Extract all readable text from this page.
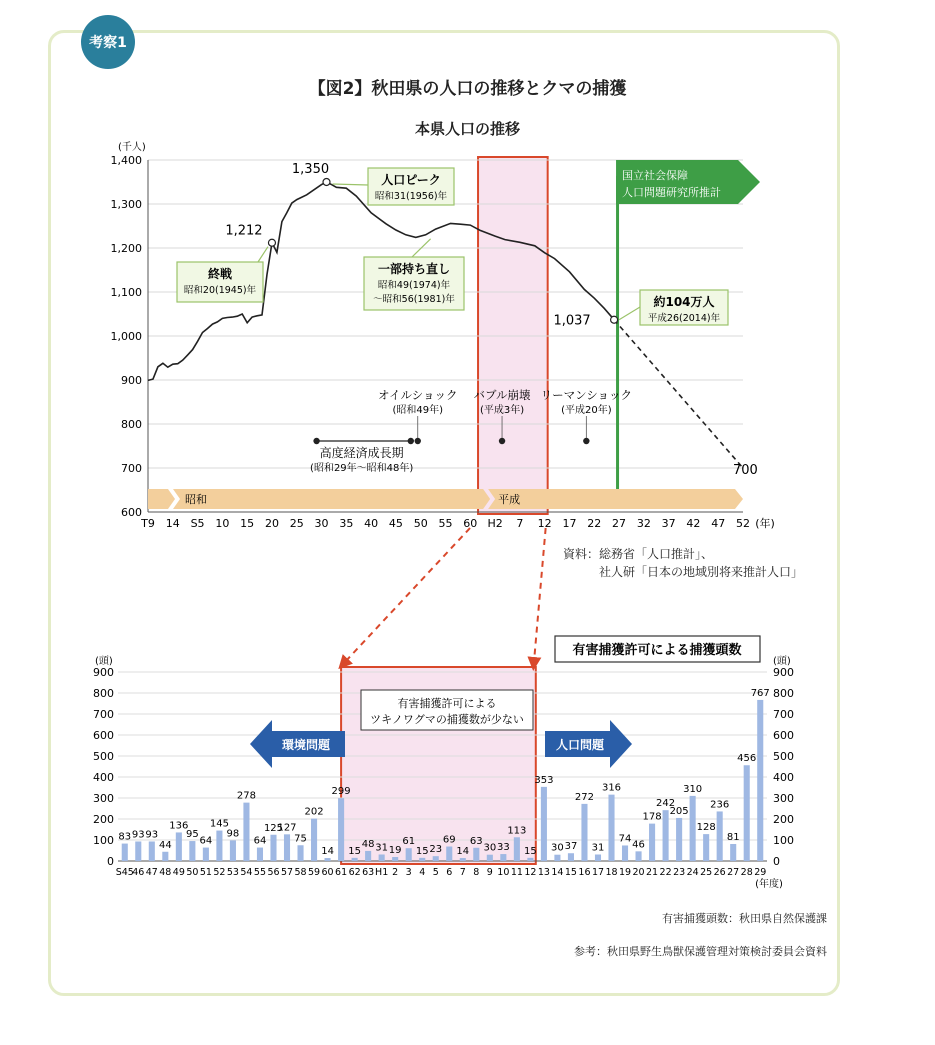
考察1
【図2】秋田県の人口の推移とクマの捕獲
本県人口の推移
600
700
800
900
1,000
1,100
1,200
1,300
1,400
(千人)
T9 14 S5 10 15 20 25 30 35 40 45 50 55 60 H2 7 12 17 22 27 32 37 42 47 52 (年)
昭和	平成
国立社会保障
人口問題研究所推計
700
1,212
1,350
1,037
終戦
昭和20(1945)年
人口ピーク
昭和31(1956)年
一部持ち直し
昭和49(1974)年
～昭和56(1981)年	約104万人
平成26(2014)年
オイルショック
(昭和49年)
バブル崩壊
(平成3年)
リーマンショック
(平成20年)
高度経済成長期
(昭和29年～昭和48年)
有害捕獲許可による捕獲頭数
0	0
100	100
200	200
300	300
400	400
500	500
600	600
700	700
800	800
900	900
(頭)	(頭)
環境問題	人口問題
有害捕獲許可による
ツキノワグマの捕獲数が少ない
83
S45
93
46
93
47
44
48
136
49
95
50
64
51
145
52
98
53
278
54
64
55
125
56
127
57
75
58
202
59
14
60
299
61
15
62
48
63
31
H1
19
2
61
3
15
4
23
5
69
6
14
7
63
8
30
9
33
10
113
11
15
12
353
13
30
14
37
15
272
16
31
17
316
18
74
19
46
20
178
21
242
22
205
23
310
24
128
25
236
26
81
27
456
28
767
29
(年度)
資料：総務省「人口推計」、
社人研「日本の地域別将来推計人口」
有害捕獲頭数：秋田県自然保護課
参考：秋田県野生鳥獣保護管理対策検討委員会資料
